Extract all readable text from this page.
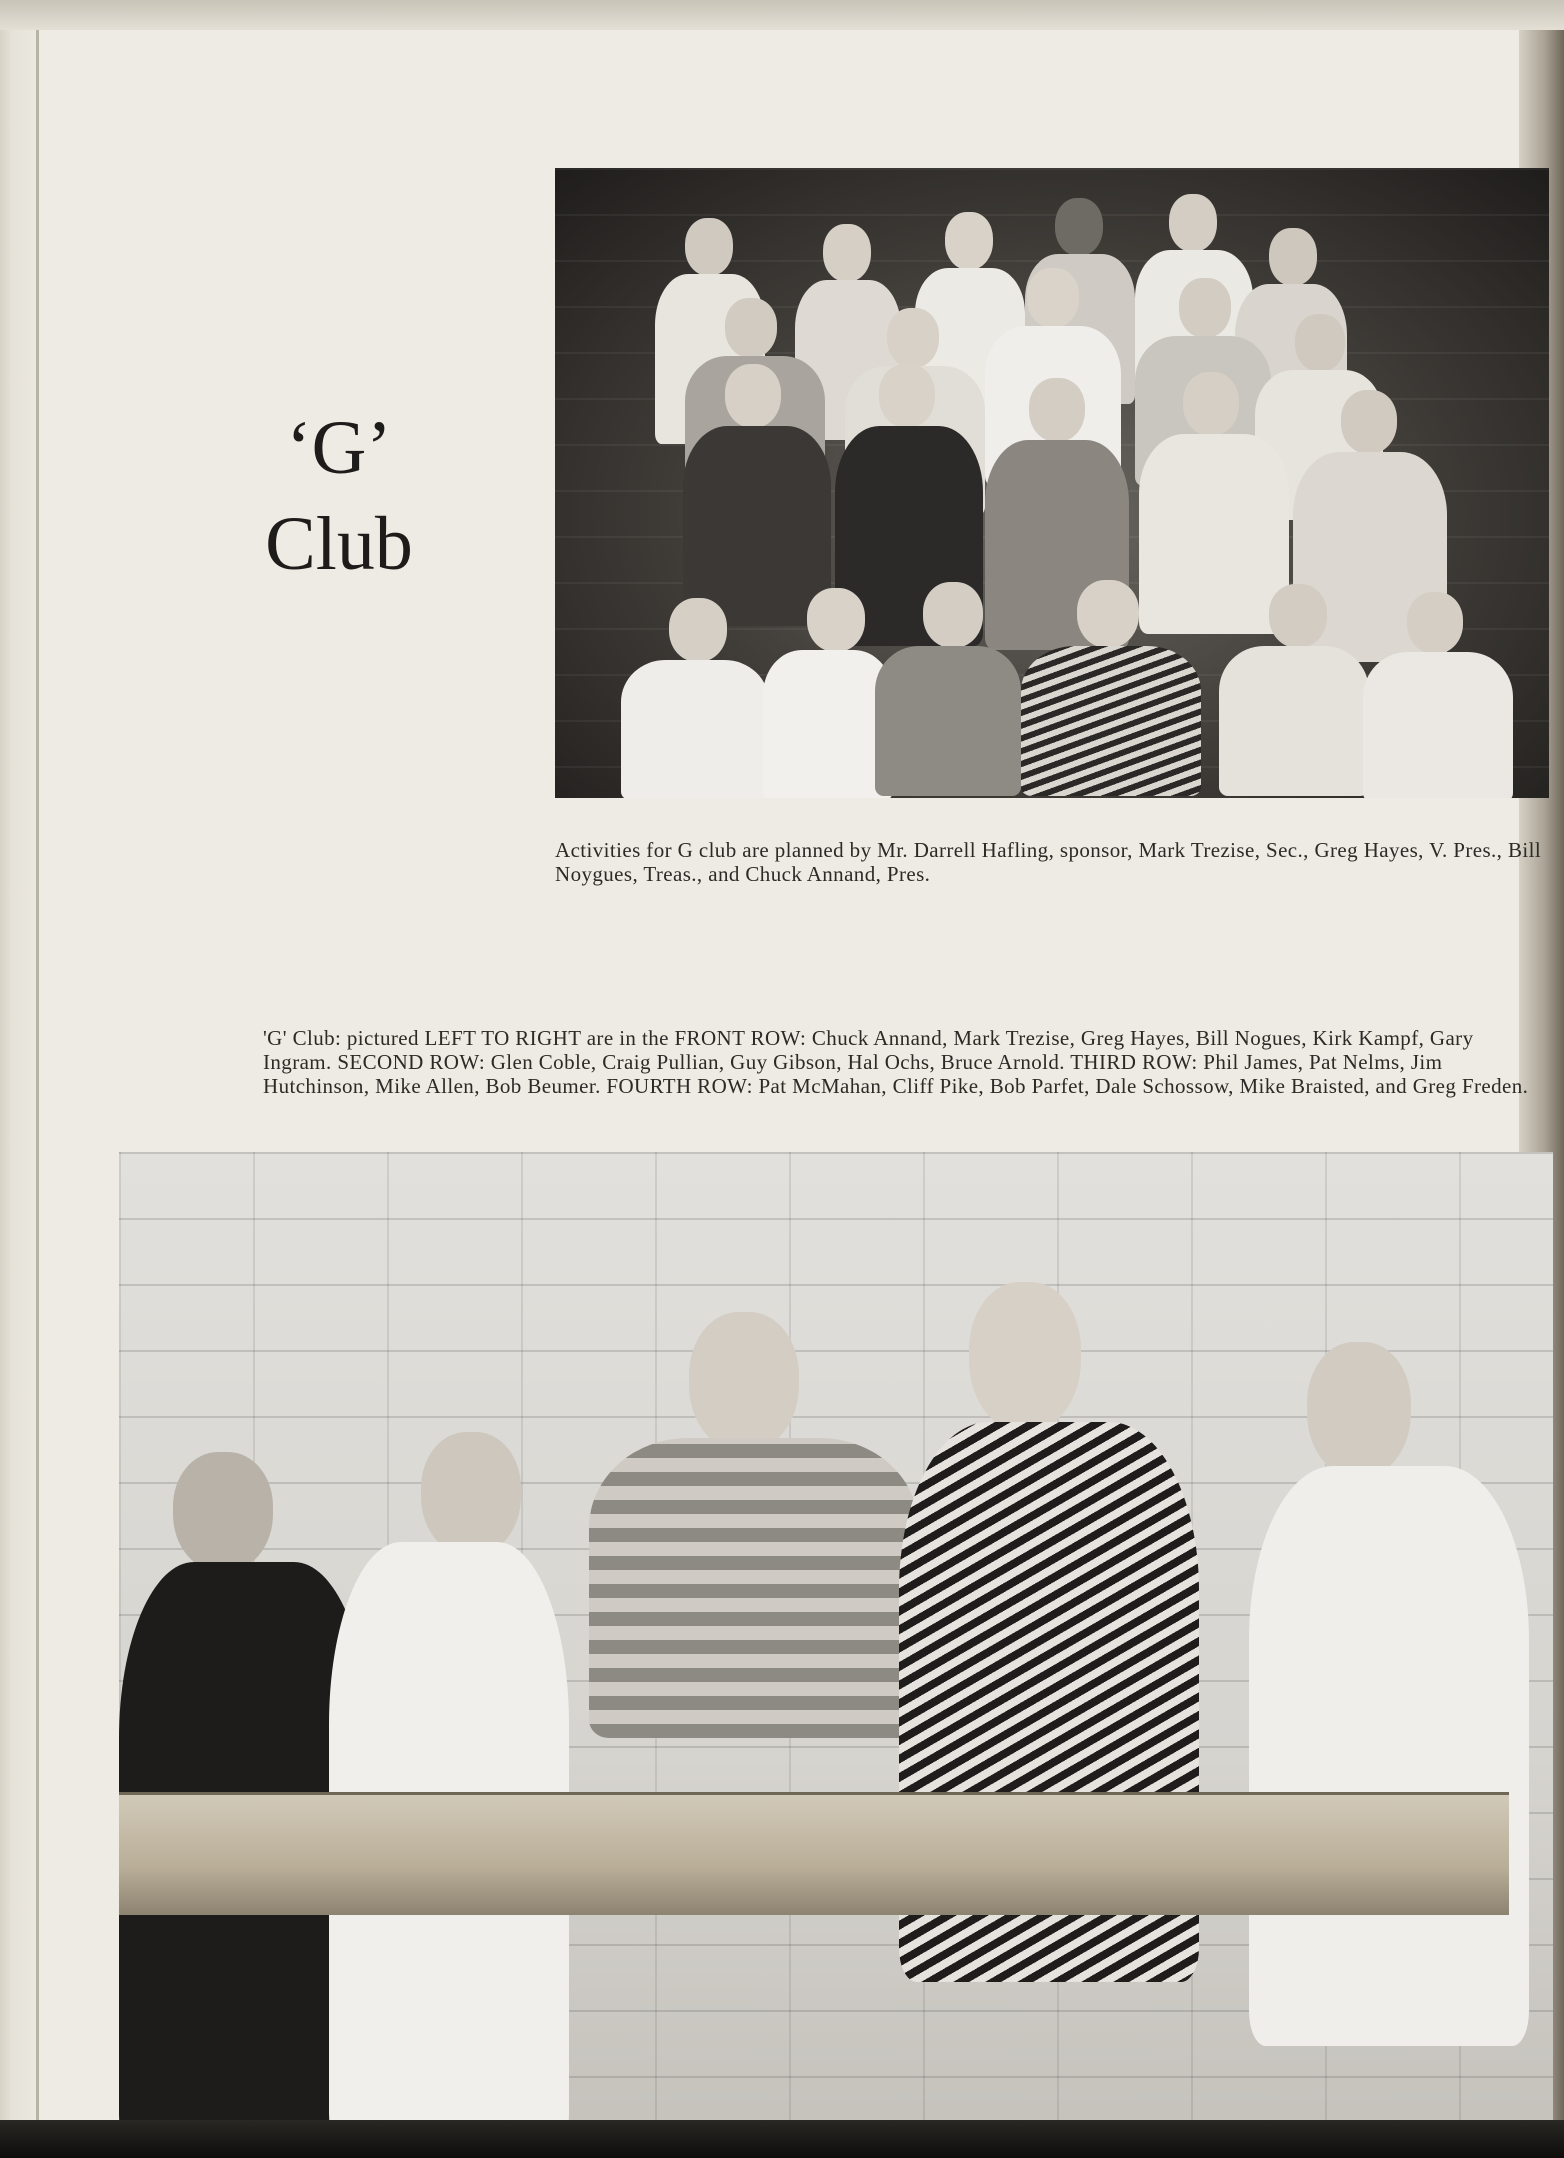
‘G’
Club
Activities for G club are planned by Mr. Darrell Hafling, sponsor, Mark Trezise, Sec., Greg Hayes, V. Pres., Bill Noygues, Treas., and Chuck Annand, Pres.
'G' Club: pictured LEFT TO RIGHT are in the FRONT ROW: Chuck Annand, Mark Trezise, Greg Hayes, Bill Nogues, Kirk Kampf, Gary Ingram. SECOND ROW: Glen Coble, Craig Pullian, Guy Gibson, Hal Ochs, Bruce Arnold. THIRD ROW: Phil James, Pat Nelms, Jim Hutchinson, Mike Allen, Bob Beumer. FOURTH ROW: Pat McMahan, Cliff Pike, Bob Parfet, Dale Schossow, Mike Braisted, and Greg Freden.
